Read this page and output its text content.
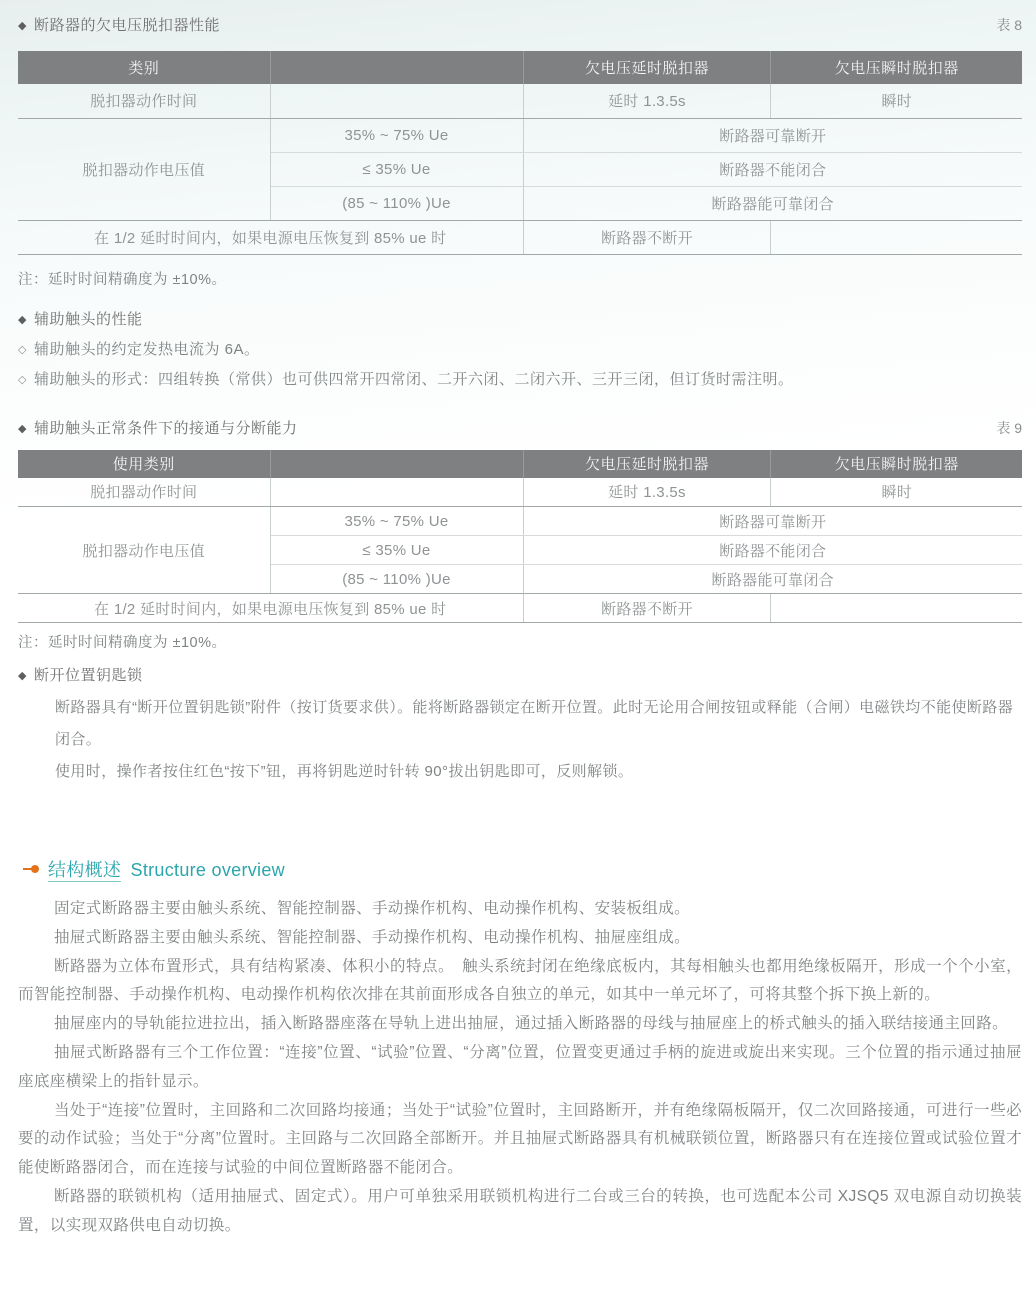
◆ 断路器的欠电压脱扣器性能	表 8
类别		欠电压延时脱扣器	欠电压瞬时脱扣器
脱扣器动作时间		延时 1.3.5s	瞬时
脱扣器动作电压值	35% ~ 75% Ue	断路器可靠断开	
	≤ 35% Ue	断路器不能闭合	
	(85 ~ 110% )Ue	断路器能可靠闭合	
在 1/2 延时时间内，如果电源电压恢复到 85% ue 时		断路器不断开	
注：延时时间精确度为 ±10%。
◆ 辅助触头的性能
◇ 辅助触头的约定发热电流为 6A。
◇ 辅助触头的形式：四组转换（常供）也可供四常开四常闭、二开六闭、二闭六开、三开三闭，但订货时需注明。
◆ 辅助触头正常条件下的接通与分断能力	表 9
使用类别		欠电压延时脱扣器	欠电压瞬时脱扣器
脱扣器动作时间		延时 1.3.5s	瞬时
脱扣器动作电压值	35% ~ 75% Ue	断路器可靠断开	
	≤ 35% Ue	断路器不能闭合	
	(85 ~ 110% )Ue	断路器能可靠闭合	
在 1/2 延时时间内，如果电源电压恢复到 85% ue 时		断路器不断开	
注：延时时间精确度为 ±10%。
◆ 断开位置钥匙锁

断路器具有“断开位置钥匙锁”附件（按订货要求供）。能将断路器锁定在断开位置。此时无论用合闸按钮或释能（合闸）电磁铁均不能使断路器闭合。

使用时，操作者按住红色“按下”钮，再将钥匙逆时针转 90°拔出钥匙即可，反则解锁。

结构概述 Structure overview

固定式断路器主要由触头系统、智能控制器、手动操作机构、电动操作机构、安装板组成。

抽屉式断路器主要由触头系统、智能控制器、手动操作机构、电动操作机构、抽屉座组成。

断路器为立体布置形式，具有结构紧凑、体积小的特点。　触头系统封闭在绝缘底板内，其每相触头也都用绝缘板隔开，形成一个个小室，而智能控制器、手动操作机构、电动操作机构依次排在其前面形成各自独立的单元，如其中一单元坏了，可将其整个拆下换上新的。

抽屉座内的导轨能拉进拉出，插入断路器座落在导轨上进出抽屉，通过插入断路器的母线与抽屉座上的桥式触头的插入联结接通主回路。

抽屉式断路器有三个工作位置：“连接”位置、“试验”位置、“分离”位置，位置变更通过手柄的旋进或旋出来实现。三个位置的指示通过抽屉座底座横梁上的指针显示。

当处于“连接”位置时，主回路和二次回路均接通；当处于“试验”位置时，主回路断开，并有绝缘隔板隔开，仅二次回路接通，可进行一些必要的动作试验；当处于“分离”位置时。主回路与二次回路全部断开。并且抽屉式断路器具有机械联锁位置，断路器只有在连接位置或试验位置才能使断路器闭合，而在连接与试验的中间位置断路器不能闭合。

断路器的联锁机构（适用抽屉式、固定式）。用户可单独采用联锁机构进行二台或三台的转换，也可选配本公司 XJSQ5 双电源自动切换装置，以实现双路供电自动切换。
